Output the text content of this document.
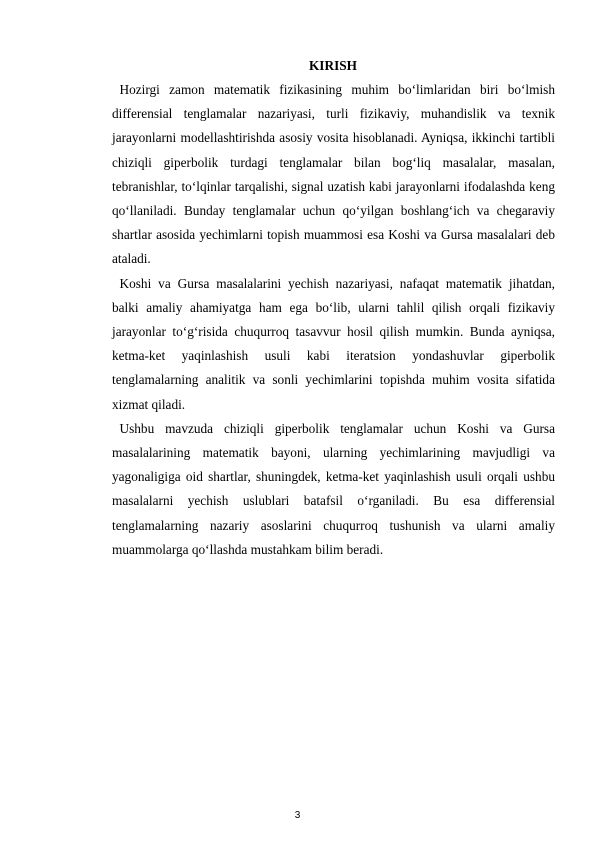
KIRISH

Hozirgi zamon matematik fizikasining muhim bo‘limlaridan biri bo‘lmish differensial tenglamalar nazariyasi, turli fizikaviy, muhandislik va texnik jarayonlarni modellashtirishda asosiy vosita hisoblanadi. Ayniqsa, ikkinchi tartibli chiziqli giperbolik turdagi tenglamalar bilan bog‘liq masalalar, masalan, tebranishlar, to‘lqinlar tarqalishi, signal uzatish kabi jarayonlarni ifodalashda keng qo‘llaniladi. Bunday tenglamalar uchun qo‘yilgan boshlang‘ich va chegaraviy shartlar asosida yechimlarni topish muammosi esa Koshi va Gursa masalalari deb ataladi.

Koshi va Gursa masalalarini yechish nazariyasi, nafaqat matematik jihatdan, balki amaliy ahamiyatga ham ega bo‘lib, ularni tahlil qilish orqali fizikaviy jarayonlar to‘g‘risida chuqurroq tasavvur hosil qilish mumkin. Bunda ayniqsa, ketma-ket yaqinlashish usuli kabi iteratsion yondashuvlar giperbolik tenglamalarning analitik va sonli yechimlarini topishda muhim vosita sifatida xizmat qiladi.

Ushbu mavzuda chiziqli giperbolik tenglamalar uchun Koshi va Gursa masalalarining matematik bayoni, ularning yechimlarining mavjudligi va yagonaligiga oid shartlar, shuningdek, ketma-ket yaqinlashish usuli orqali ushbu masalalarni yechish uslublari batafsil o‘rganiladi. Bu esa differensial tenglamalarning nazariy asoslarini chuqurroq tushunish va ularni amaliy muammolarga qo‘llashda mustahkam bilim beradi.

3
